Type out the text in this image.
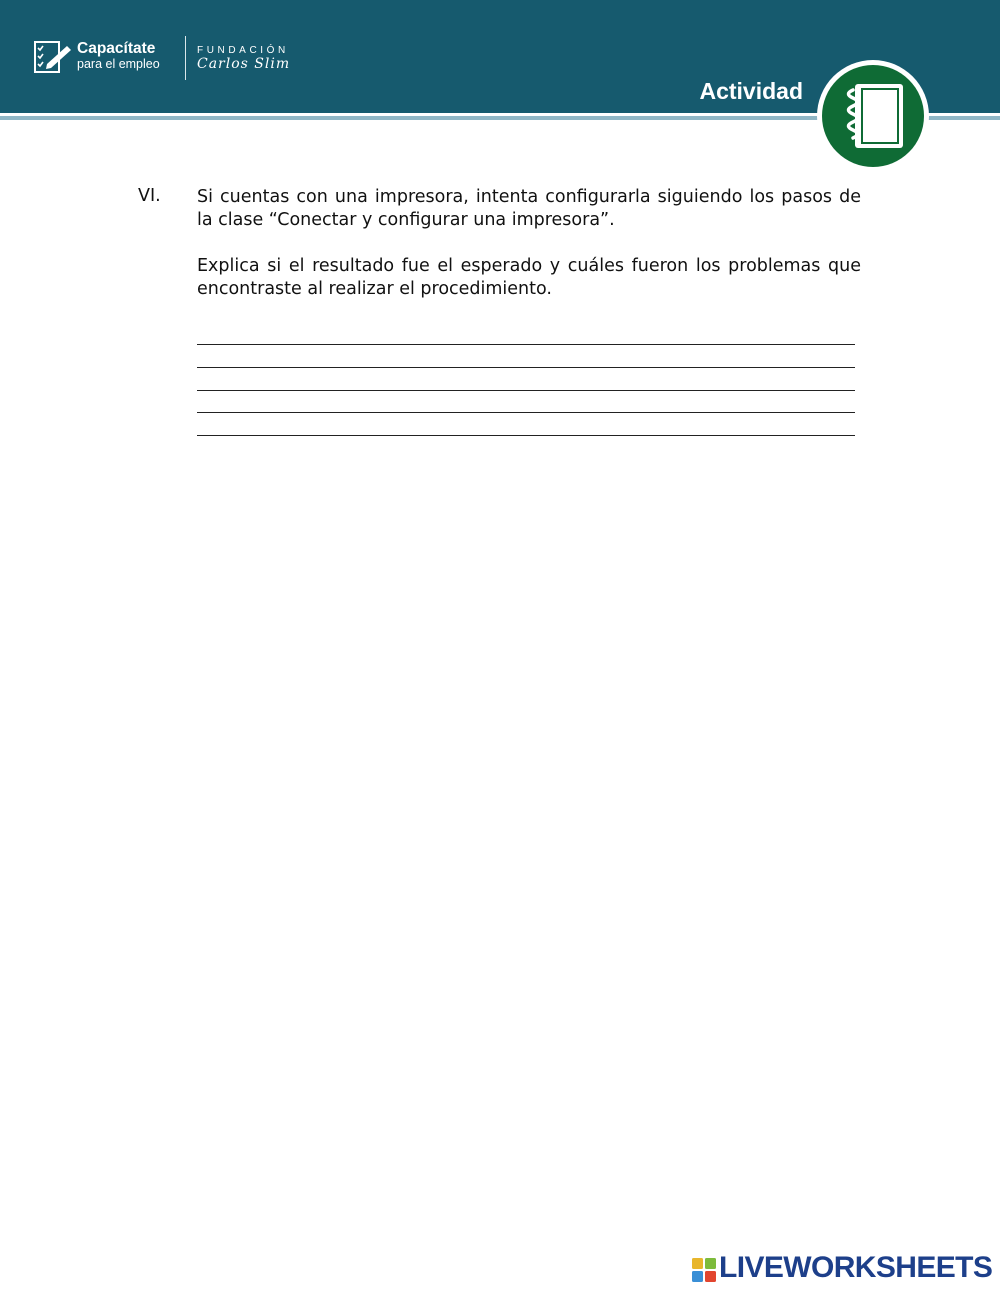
Capacítate
para el empleo
FUNDACIÓN
Carlos Slim
Actividad
VI. Si cuentas con una impresora, intenta configurarla siguiendo los pasos de la clase “Conectar y configurar una impresora”.

Explica si el resultado fue el esperado y cuáles fueron los problemas que encontraste al realizar el procedimiento.

LIVEWORKSHEETS
